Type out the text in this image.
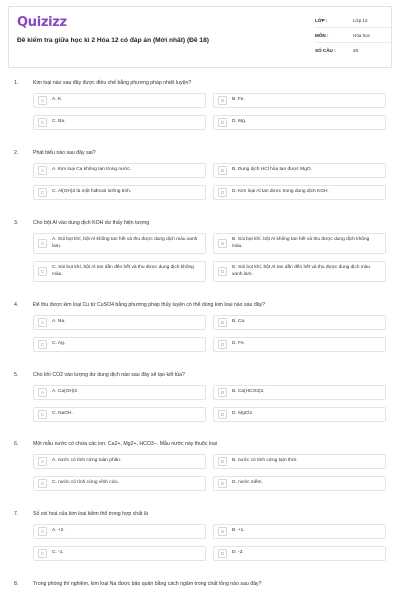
Quizizz
Đề kiểm tra giữa học kì 2 Hóa 12 có đáp án (Mới nhất) (Đề 18)
LỚP :	Lớp 12
MÔN :	Hóa học
SỐ CÂU :	28
1.	Kim loại nào sau đây được điều chế bằng phương pháp nhiệt luyện?
A	A. K.	B	B. Fe.
C	C. Ba.	D	D. Mg.
2.	Phát biểu nào sau đây sai?
A	A. Kim loại Ca không tan trong nước.	B	B. Dung dịch HCl hòa tan được MgO.
C	C. Al(OH)3 là một hiđroxit lưỡng tính.	D	D. Kim loại Al tan được trong dung dịch KOH.
3.	Cho bột Al vào dung dịch KOH dư thấy hiện tượng
A
A. Sủi bọt khí, bột Al không tan hết và thu được dung dịch màu xanh lam.	B
B. Sủi bọt khí, bột Al không tan hết và thu được dung dịch không màu.
C
C. Sủi bọt khí, bột Al tan dần đến hết và thu được dung dịch không màu.	D
D. Sủi bọt khí, bột Al tan dần đến hết và thu được dung dịch màu xanh lam.
4.	Để thu được kim loại Cu từ CuSO4 bằng phương pháp thủy luyện có thể dùng kim loại nào sau đây?
A	A. Na.	B	B. Ca.
C	C. Ag.	D	D. Fe.
5.	Cho khí CO2 vào lượng dư dung dịch nào sau đây sẽ tạo kết tủa?
A	A. Ca(OH)2.	B	B. Ca(HCO3)2.
C	C. NaOH.	D	D. MgCl2.
6.	Một mẫu nước có chứa các ion: Ca2+, Mg2+, HCO3−. Mẫu nước này thuộc loại
A	A. nước có tính cứng toàn phần.	B	B. nước có tính cứng tạm thời.
C	C. nước có tính cứng vĩnh cửu.	D	D. nước mềm.
7.	Số oxi hoá của kim loại kiềm thổ trong hợp chất là
A	A. +2.	B	B. +1.
C	C. -1.	D	D. -2.
8.	Trong phòng thí nghiệm, kim loại Na được bảo quản bằng cách ngâm trong chất lỏng nào sau đây?
